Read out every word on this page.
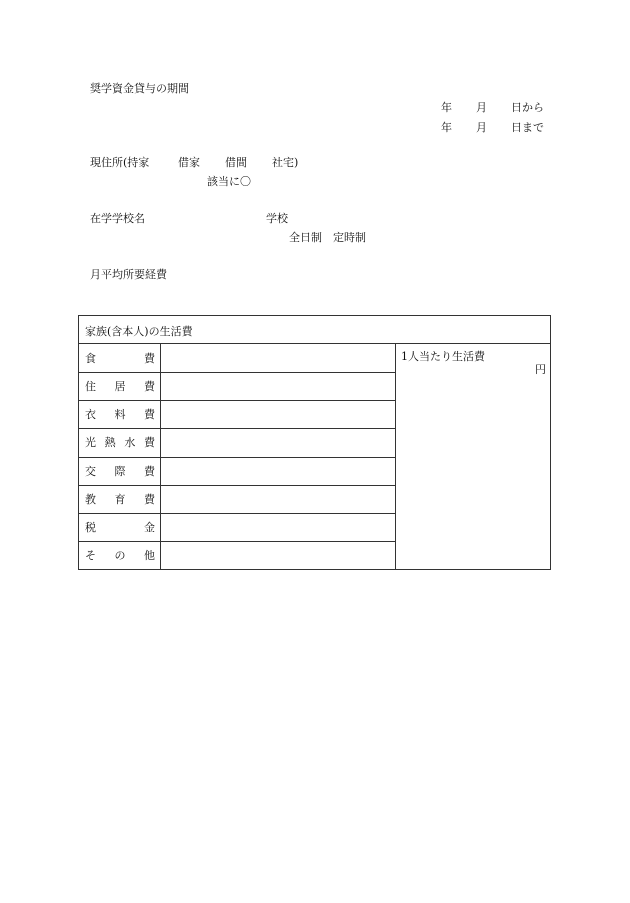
奨学資金貸与の期間
年 月 日から
年 月 日まで
現住所(持家	借家 借間 社宅)
該当に〇
在学学校名	学校
全日制　定時制
月平均所要経費
家族(含本人)の生活費
食	費
住 居 費
衣 料 費
光 熱 水 費
交 際 費
教 育 費
税	金
そ の 他
1人当たり生活費
円
